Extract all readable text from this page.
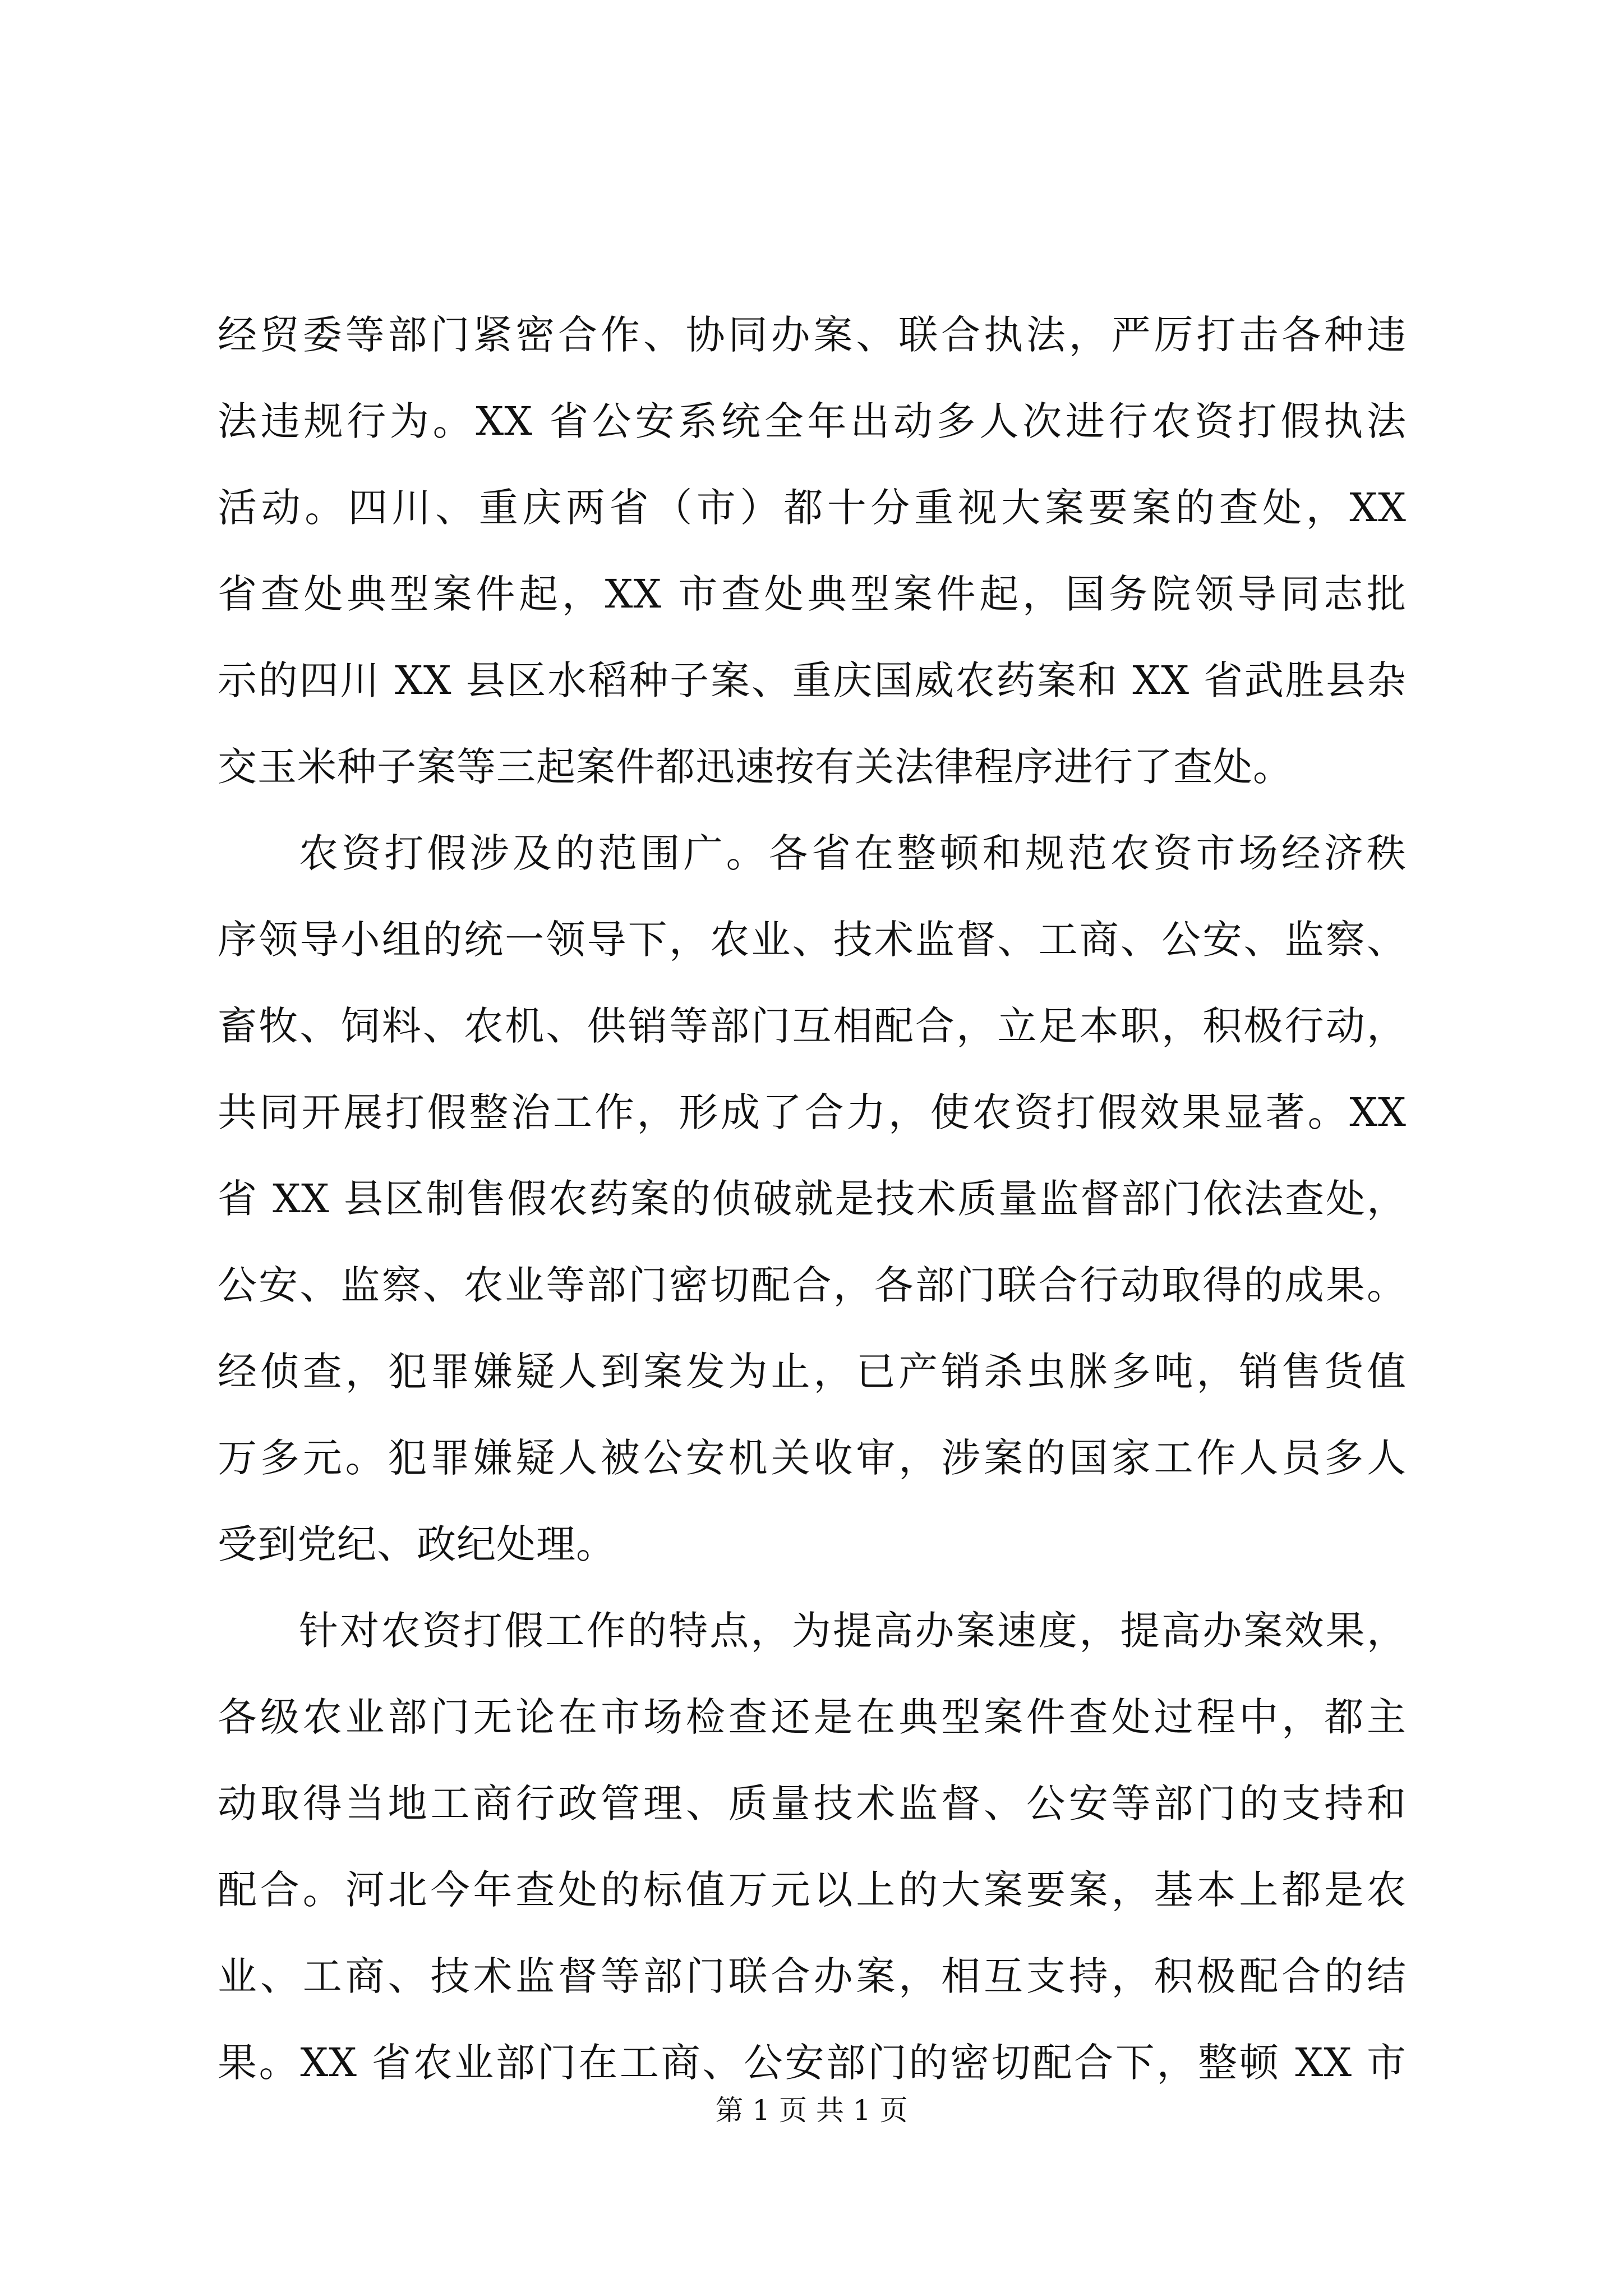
经贸委等部门紧密合作、协同办案、联合执法，严厉打击各种违
法违规行为。XX 省公安系统全年出动多人次进行农资打假执法
活动。四川、重庆两省（市）都十分重视大案要案的查处，XX
省查处典型案件起，XX 市查处典型案件起，国务院领导同志批
示的四川 XX 县区水稻种子案、重庆国威农药案和 XX 省武胜县杂
交玉米种子案等三起案件都迅速按有关法律程序进行了查处。
农资打假涉及的范围广。各省在整顿和规范农资市场经济秩
序领导小组的统一领导下，农业、技术监督、工商、公安、监察、
畜牧、饲料、农机、供销等部门互相配合，立足本职，积极行动，
共同开展打假整治工作，形成了合力，使农资打假效果显著。XX
省 XX 县区制售假农药案的侦破就是技术质量监督部门依法查处，
公安、监察、农业等部门密切配合，各部门联合行动取得的成果。
经侦查，犯罪嫌疑人到案发为止，已产销杀虫脒多吨，销售货值
万多元。犯罪嫌疑人被公安机关收审，涉案的国家工作人员多人
受到党纪、政纪处理。
针对农资打假工作的特点，为提高办案速度，提高办案效果，
各级农业部门无论在市场检查还是在典型案件查处过程中，都主
动取得当地工商行政管理、质量技术监督、公安等部门的支持和
配合。河北今年查处的标值万元以上的大案要案，基本上都是农
业、工商、技术监督等部门联合办案，相互支持，积极配合的结
果。XX 省农业部门在工商、公安部门的密切配合下，整顿 XX 市
第 1 页 共 1 页
